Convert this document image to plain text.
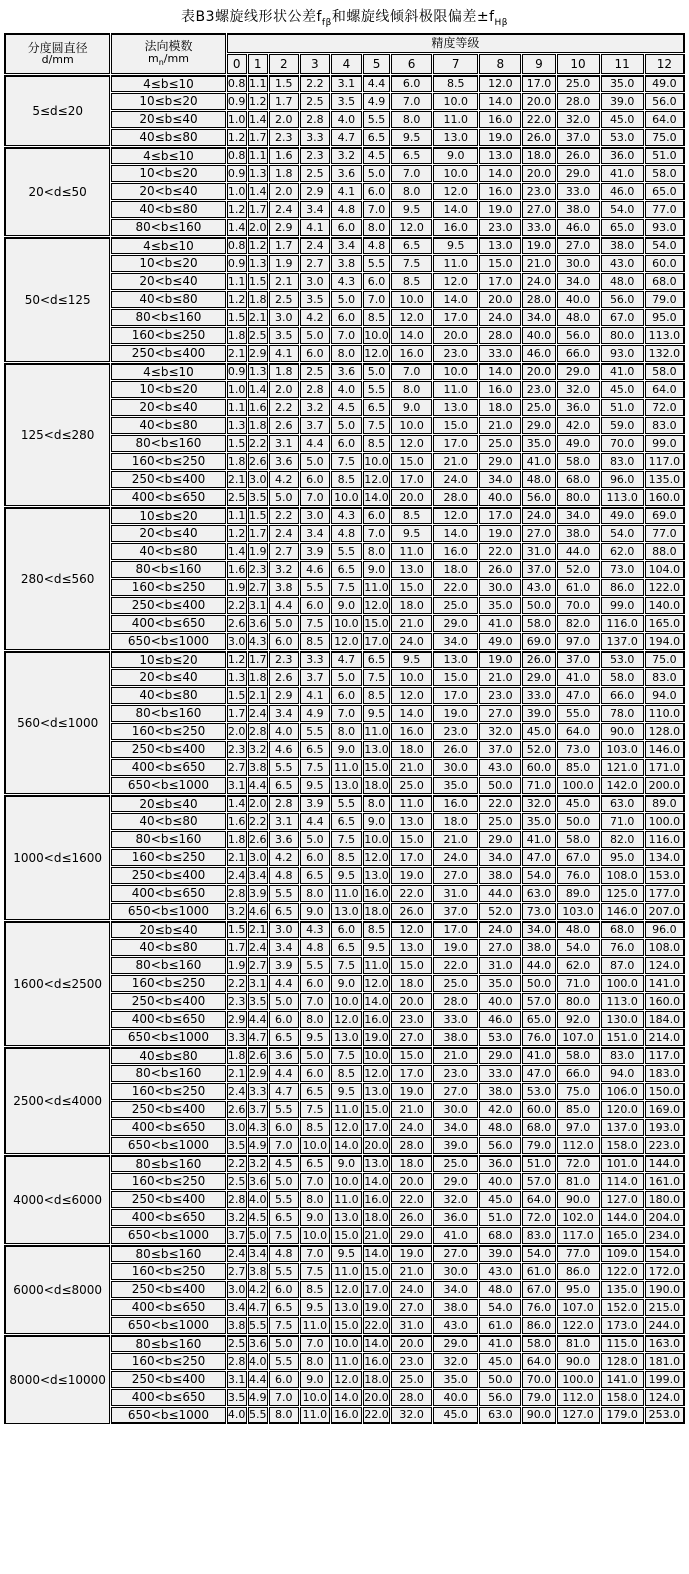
表B3螺旋线形状公差$f_{f\beta}$和螺旋线倾斜极限偏差$\pm f_{H\beta}$
分度圆直径
d/mm	法向模数
$m_n/mm$	精度等级												
		0	1	2	3	4	5	6	7	8	9	10	11	12
5≤d≤20	4≤b≤10	0.8	1.1	1.5	2.2	3.1	4.4	6.0	8.5	12.0	17.0	25.0	35.0	49.0
	10≤b≤20	0.9	1.2	1.7	2.5	3.5	4.9	7.0	10.0	14.0	20.0	28.0	39.0	56.0
	20≤b≤40	1.0	1.4	2.0	2.8	4.0	5.5	8.0	11.0	16.0	22.0	32.0	45.0	64.0
	40≤b≤80	1.2	1.7	2.3	3.3	4.7	6.5	9.5	13.0	19.0	26.0	37.0	53.0	75.0
20<d≤50	4≤b≤10	0.8	1.1	1.6	2.3	3.2	4.5	6.5	9.0	13.0	18.0	26.0	36.0	51.0
	10<b≤20	0.9	1.3	1.8	2.5	3.6	5.0	7.0	10.0	14.0	20.0	29.0	41.0	58.0
	20<b≤40	1.0	1.4	2.0	2.9	4.1	6.0	8.0	12.0	16.0	23.0	33.0	46.0	65.0
	40<b≤80	1.2	1.7	2.4	3.4	4.8	7.0	9.5	14.0	19.0	27.0	38.0	54.0	77.0
	80<b≤160	1.4	2.0	2.9	4.1	6.0	8.0	12.0	16.0	23.0	33.0	46.0	65.0	93.0
50<d≤125	4≤b≤10	0.8	1.2	1.7	2.4	3.4	4.8	6.5	9.5	13.0	19.0	27.0	38.0	54.0
	10<b≤20	0.9	1.3	1.9	2.7	3.8	5.5	7.5	11.0	15.0	21.0	30.0	43.0	60.0
	20<b≤40	1.1	1.5	2.1	3.0	4.3	6.0	8.5	12.0	17.0	24.0	34.0	48.0	68.0
	40<b≤80	1.2	1.8	2.5	3.5	5.0	7.0	10.0	14.0	20.0	28.0	40.0	56.0	79.0
	80<b≤160	1.5	2.1	3.0	4.2	6.0	8.5	12.0	17.0	24.0	34.0	48.0	67.0	95.0
	160<b≤250	1.8	2.5	3.5	5.0	7.0	10.0	14.0	20.0	28.0	40.0	56.0	80.0	113.0
	250<b≤400	2.1	2.9	4.1	6.0	8.0	12.0	16.0	23.0	33.0	46.0	66.0	93.0	132.0
125<d≤280	4≤b≤10	0.9	1.3	1.8	2.5	3.6	5.0	7.0	10.0	14.0	20.0	29.0	41.0	58.0
	10<b≤20	1.0	1.4	2.0	2.8	4.0	5.5	8.0	11.0	16.0	23.0	32.0	45.0	64.0
	20<b≤40	1.1	1.6	2.2	3.2	4.5	6.5	9.0	13.0	18.0	25.0	36.0	51.0	72.0
	40<b≤80	1.3	1.8	2.6	3.7	5.0	7.5	10.0	15.0	21.0	29.0	42.0	59.0	83.0
	80<b≤160	1.5	2.2	3.1	4.4	6.0	8.5	12.0	17.0	25.0	35.0	49.0	70.0	99.0
	160<b≤250	1.8	2.6	3.6	5.0	7.5	10.0	15.0	21.0	29.0	41.0	58.0	83.0	117.0
	250<b≤400	2.1	3.0	4.2	6.0	8.5	12.0	17.0	24.0	34.0	48.0	68.0	96.0	135.0
	400<b≤650	2.5	3.5	5.0	7.0	10.0	14.0	20.0	28.0	40.0	56.0	80.0	113.0	160.0
280<d≤560	10≤b≤20	1.1	1.5	2.2	3.0	4.3	6.0	8.5	12.0	17.0	24.0	34.0	49.0	69.0
	20<b≤40	1.2	1.7	2.4	3.4	4.8	7.0	9.5	14.0	19.0	27.0	38.0	54.0	77.0
	40<b≤80	1.4	1.9	2.7	3.9	5.5	8.0	11.0	16.0	22.0	31.0	44.0	62.0	88.0
	80<b≤160	1.6	2.3	3.2	4.6	6.5	9.0	13.0	18.0	26.0	37.0	52.0	73.0	104.0
	160<b≤250	1.9	2.7	3.8	5.5	7.5	11.0	15.0	22.0	30.0	43.0	61.0	86.0	122.0
	250<b≤400	2.2	3.1	4.4	6.0	9.0	12.0	18.0	25.0	35.0	50.0	70.0	99.0	140.0
	400<b≤650	2.6	3.6	5.0	7.5	10.0	15.0	21.0	29.0	41.0	58.0	82.0	116.0	165.0
	650<b≤1000	3.0	4.3	6.0	8.5	12.0	17.0	24.0	34.0	49.0	69.0	97.0	137.0	194.0
560<d≤1000	10≤b≤20	1.2	1.7	2.3	3.3	4.7	6.5	9.5	13.0	19.0	26.0	37.0	53.0	75.0
	20<b≤40	1.3	1.8	2.6	3.7	5.0	7.5	10.0	15.0	21.0	29.0	41.0	58.0	83.0
	40<b≤80	1.5	2.1	2.9	4.1	6.0	8.5	12.0	17.0	23.0	33.0	47.0	66.0	94.0
	80<b≤160	1.7	2.4	3.4	4.9	7.0	9.5	14.0	19.0	27.0	39.0	55.0	78.0	110.0
	160<b≤250	2.0	2.8	4.0	5.5	8.0	11.0	16.0	23.0	32.0	45.0	64.0	90.0	128.0
	250<b≤400	2.3	3.2	4.6	6.5	9.0	13.0	18.0	26.0	37.0	52.0	73.0	103.0	146.0
	400<b≤650	2.7	3.8	5.5	7.5	11.0	15.0	21.0	30.0	43.0	60.0	85.0	121.0	171.0
	650<b≤1000	3.1	4.4	6.5	9.5	13.0	18.0	25.0	35.0	50.0	71.0	100.0	142.0	200.0
1000<d≤1600	20≤b≤40	1.4	2.0	2.8	3.9	5.5	8.0	11.0	16.0	22.0	32.0	45.0	63.0	89.0
	40<b≤80	1.6	2.2	3.1	4.4	6.5	9.0	13.0	18.0	25.0	35.0	50.0	71.0	100.0
	80<b≤160	1.8	2.6	3.6	5.0	7.5	10.0	15.0	21.0	29.0	41.0	58.0	82.0	116.0
	160<b≤250	2.1	3.0	4.2	6.0	8.5	12.0	17.0	24.0	34.0	47.0	67.0	95.0	134.0
	250<b≤400	2.4	3.4	4.8	6.5	9.5	13.0	19.0	27.0	38.0	54.0	76.0	108.0	153.0
	400<b≤650	2.8	3.9	5.5	8.0	11.0	16.0	22.0	31.0	44.0	63.0	89.0	125.0	177.0
	650<b≤1000	3.2	4.6	6.5	9.0	13.0	18.0	26.0	37.0	52.0	73.0	103.0	146.0	207.0
1600<d≤2500	20≤b≤40	1.5	2.1	3.0	4.3	6.0	8.5	12.0	17.0	24.0	34.0	48.0	68.0	96.0
	40<b≤80	1.7	2.4	3.4	4.8	6.5	9.5	13.0	19.0	27.0	38.0	54.0	76.0	108.0
	80<b≤160	1.9	2.7	3.9	5.5	7.5	11.0	15.0	22.0	31.0	44.0	62.0	87.0	124.0
	160<b≤250	2.2	3.1	4.4	6.0	9.0	12.0	18.0	25.0	35.0	50.0	71.0	100.0	141.0
	250<b≤400	2.3	3.5	5.0	7.0	10.0	14.0	20.0	28.0	40.0	57.0	80.0	113.0	160.0
	400<b≤650	2.9	4.4	6.0	8.0	12.0	16.0	23.0	33.0	46.0	65.0	92.0	130.0	184.0
	650<b≤1000	3.3	4.7	6.5	9.5	13.0	19.0	27.0	38.0	53.0	76.0	107.0	151.0	214.0
2500<d≤4000	40≤b≤80	1.8	2.6	3.6	5.0	7.5	10.0	15.0	21.0	29.0	41.0	58.0	83.0	117.0
	80<b≤160	2.1	2.9	4.4	6.0	8.5	12.0	17.0	23.0	33.0	47.0	66.0	94.0	183.0
	160<b≤250	2.4	3.3	4.7	6.5	9.5	13.0	19.0	27.0	38.0	53.0	75.0	106.0	150.0
	250<b≤400	2.6	3.7	5.5	7.5	11.0	15.0	21.0	30.0	42.0	60.0	85.0	120.0	169.0
	400<b≤650	3.0	4.3	6.0	8.5	12.0	17.0	24.0	34.0	48.0	68.0	97.0	137.0	193.0
	650<b≤1000	3.5	4.9	7.0	10.0	14.0	20.0	28.0	39.0	56.0	79.0	112.0	158.0	223.0
4000<d≤6000	80≤b≤160	2.2	3.2	4.5	6.5	9.0	13.0	18.0	25.0	36.0	51.0	72.0	101.0	144.0
	160<b≤250	2.5	3.6	5.0	7.0	10.0	14.0	20.0	29.0	40.0	57.0	81.0	114.0	161.0
	250<b≤400	2.8	4.0	5.5	8.0	11.0	16.0	22.0	32.0	45.0	64.0	90.0	127.0	180.0
	400<b≤650	3.2	4.5	6.5	9.0	13.0	18.0	26.0	36.0	51.0	72.0	102.0	144.0	204.0
	650<b≤1000	3.7	5.0	7.5	10.0	15.0	21.0	29.0	41.0	68.0	83.0	117.0	165.0	234.0
6000<d≤8000	80≤b≤160	2.4	3.4	4.8	7.0	9.5	14.0	19.0	27.0	39.0	54.0	77.0	109.0	154.0
	160<b≤250	2.7	3.8	5.5	7.5	11.0	15.0	21.0	30.0	43.0	61.0	86.0	122.0	172.0
	250<b≤400	3.0	4.2	6.0	8.5	12.0	17.0	24.0	34.0	48.0	67.0	95.0	135.0	190.0
	400<b≤650	3.4	4.7	6.5	9.5	13.0	19.0	27.0	38.0	54.0	76.0	107.0	152.0	215.0
	650<b≤1000	3.8	5.5	7.5	11.0	15.0	22.0	31.0	43.0	61.0	86.0	122.0	173.0	244.0
8000<d≤10000	80≤b≤160	2.5	3.6	5.0	7.0	10.0	14.0	20.0	29.0	41.0	58.0	81.0	115.0	163.0
	160<b≤250	2.8	4.0	5.5	8.0	11.0	16.0	23.0	32.0	45.0	64.0	90.0	128.0	181.0
	250<b≤400	3.1	4.4	6.0	9.0	12.0	18.0	25.0	35.0	50.0	70.0	100.0	141.0	199.0
	400<b≤650	3.5	4.9	7.0	10.0	14.0	20.0	28.0	40.0	56.0	79.0	112.0	158.0	124.0
	650<b≤1000	4.0	5.5	8.0	11.0	16.0	22.0	32.0	45.0	63.0	90.0	127.0	179.0	253.0
